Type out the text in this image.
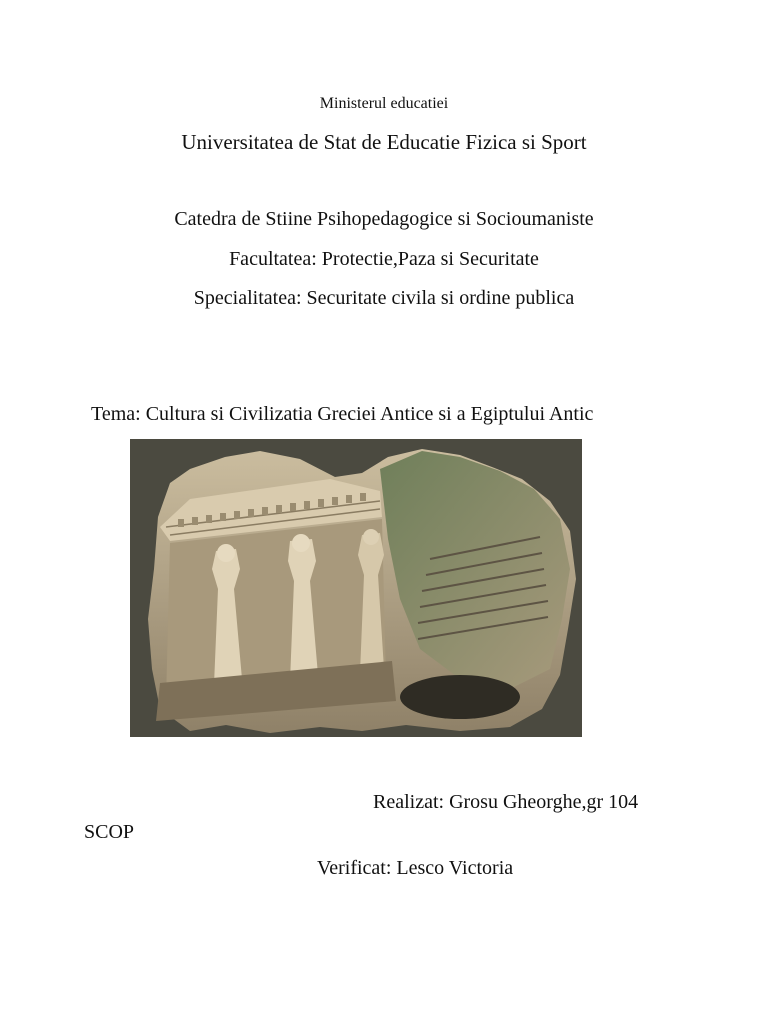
Ministerul educatiei
Universitatea de Stat de Educatie Fizica si Sport
Catedra de Stiine Psihopedagogice si Socioumaniste
Facultatea: Protectie,Paza si Securitate
Specialitatea: Securitate civila si ordine publica
Tema: Cultura si Civilizatia Greciei Antice si a Egiptului Antic
Realizat: Grosu Gheorghe,gr 104
SCOP
Verificat: Lesco Victoria
